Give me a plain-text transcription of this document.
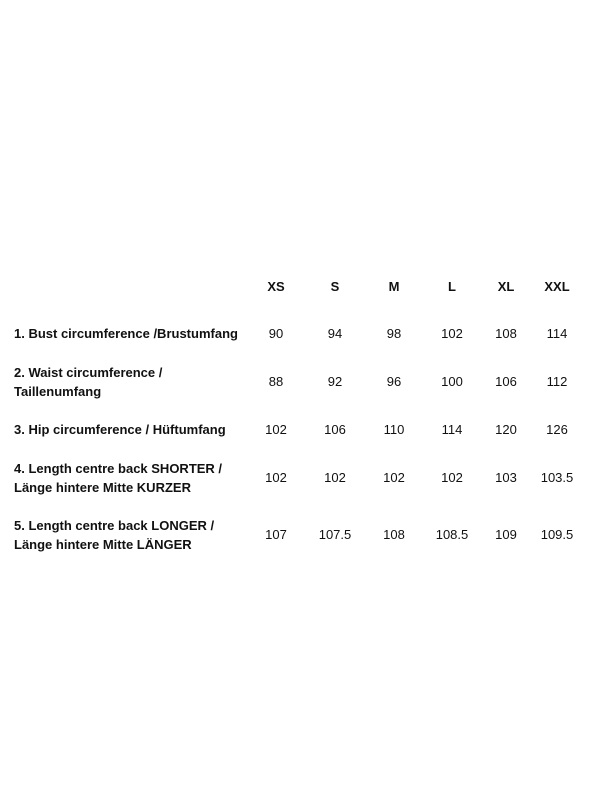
XS	S	M	L	XL XXL
1. Bust circumference /Brustumfang 90	94	98	102 108 114
2. Waist circumference /
Taillenumfang
88	92	96	100 106 112
3. Hip circumference / Hüftumfang	102	106	110	114	120 126
4. Length centre back SHORTER /
Länge hintere Mitte KURZER
102	102	102	102 103 103.5
5. Length centre back LONGER /
Länge hintere Mitte LÄNGER
107 107.5 108 108.5 109 109.5
